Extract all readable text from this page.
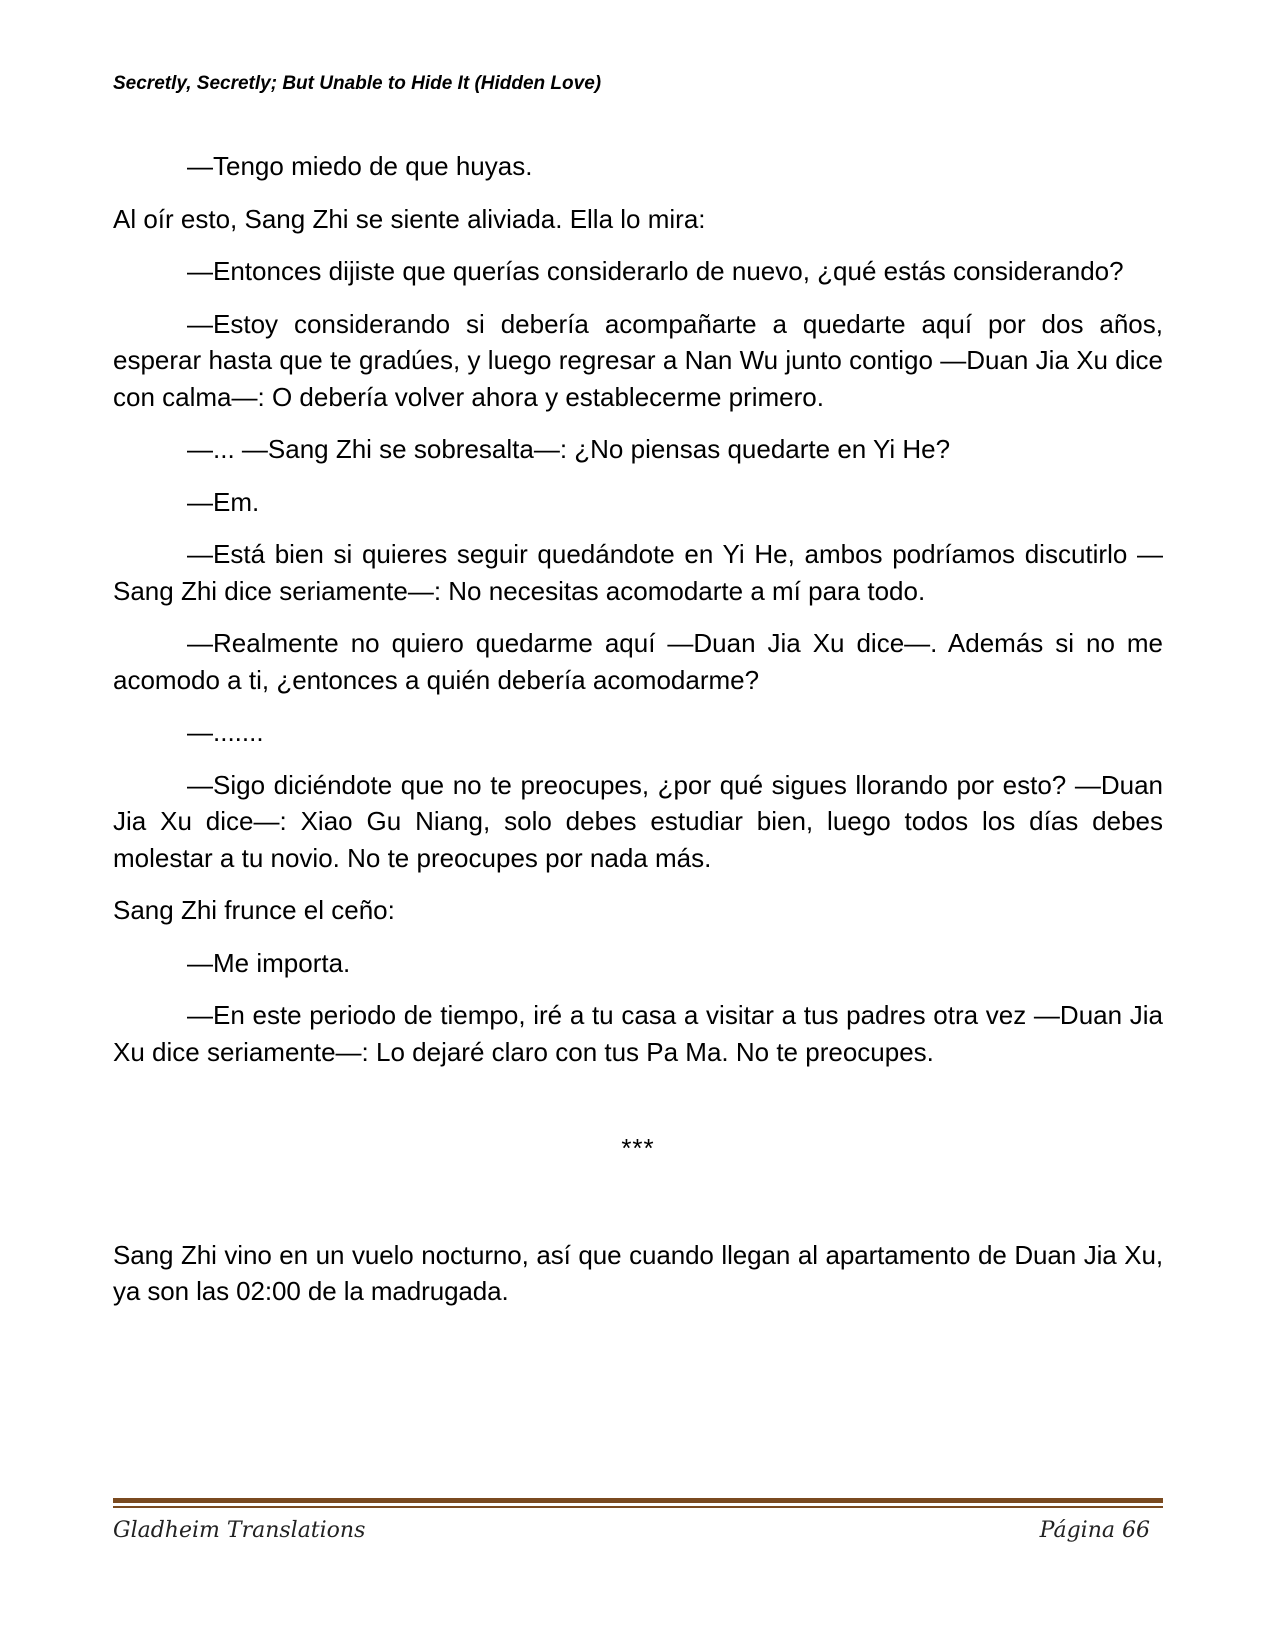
Secretly, Secretly; But Unable to Hide It (Hidden Love)

—Tengo miedo de que huyas.

Al oír esto, Sang Zhi se siente aliviada. Ella lo mira:

—Entonces dijiste que querías considerarlo de nuevo, ¿qué estás considerando?

—Estoy considerando si debería acompañarte a quedarte aquí por dos años, esperar hasta que te gradúes, y luego regresar a Nan Wu junto contigo —Duan Jia Xu dice con calma—: O debería volver ahora y establecerme primero.

—... —Sang Zhi se sobresalta—: ¿No piensas quedarte en Yi He?

—Em.

—Está bien si quieres seguir quedándote en Yi He, ambos podríamos discutirlo —Sang Zhi dice seriamente—: No necesitas acomodarte a mí para todo.

—Realmente no quiero quedarme aquí —Duan Jia Xu dice—. Además si no me acomodo a ti, ¿entonces a quién debería acomodarme?

—.......

—Sigo diciéndote que no te preocupes, ¿por qué sigues llorando por esto? —Duan Jia Xu dice—: Xiao Gu Niang, solo debes estudiar bien, luego todos los días debes molestar a tu novio. No te preocupes por nada más.

Sang Zhi frunce el ceño:

—Me importa.

—En este periodo de tiempo, iré a tu casa a visitar a tus padres otra vez —Duan Jia Xu dice seriamente—: Lo dejaré claro con tus Pa Ma. No te preocupes.

***

Sang Zhi vino en un vuelo nocturno, así que cuando llegan al apartamento de Duan Jia Xu, ya son las 02:00 de la madrugada.

Gladheim Translations	Página 66
